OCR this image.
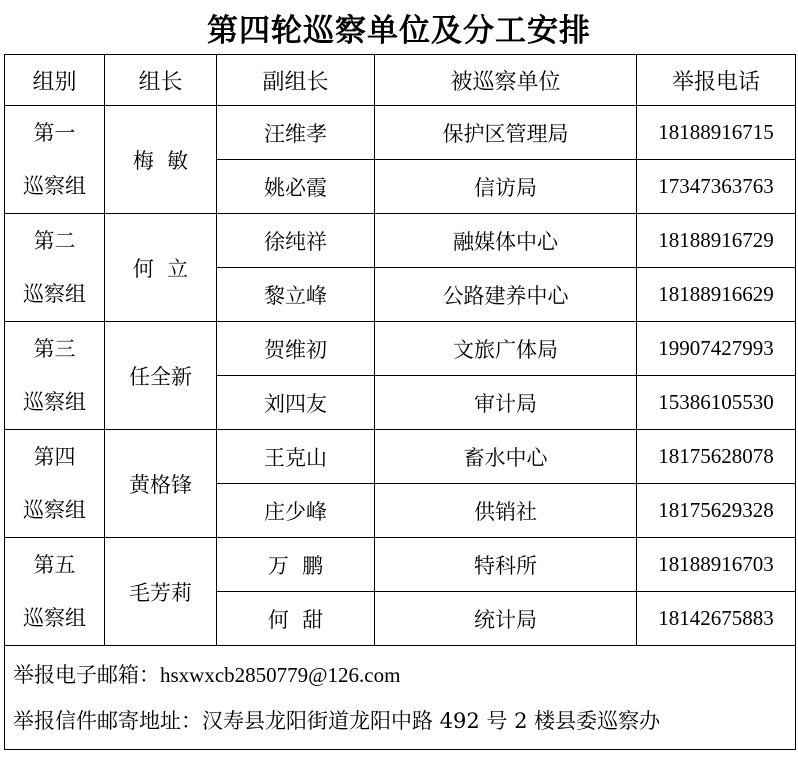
第四轮巡察单位及分工安排
组别	组长	副组长	被巡察单位	举报电话

第一
巡察组	梅  敏	汪维孝	保护区管理局	18188916715
		姚必霞	信访局	17347363763

第二
巡察组	何  立	徐纯祥	融媒体中心	18188916729
		黎立峰	公路建养中心	18188916629

第三
巡察组	任全新	贺维初	文旅广体局	19907427993
		刘四友	审计局	15386105530

第四
巡察组	黄格锋	王克山	畜水中心	18175628078
		庄少峰	供销社	18175629328

第五
巡察组	毛芳莉	万  鹏	特科所	18188916703
		何  甜	统计局	18142675883

举报电子邮箱：hsxwxcb2850779@126.com
举报信件邮寄地址：汉寿县龙阳街道龙阳中路 492 号 2 楼县委巡察办				
